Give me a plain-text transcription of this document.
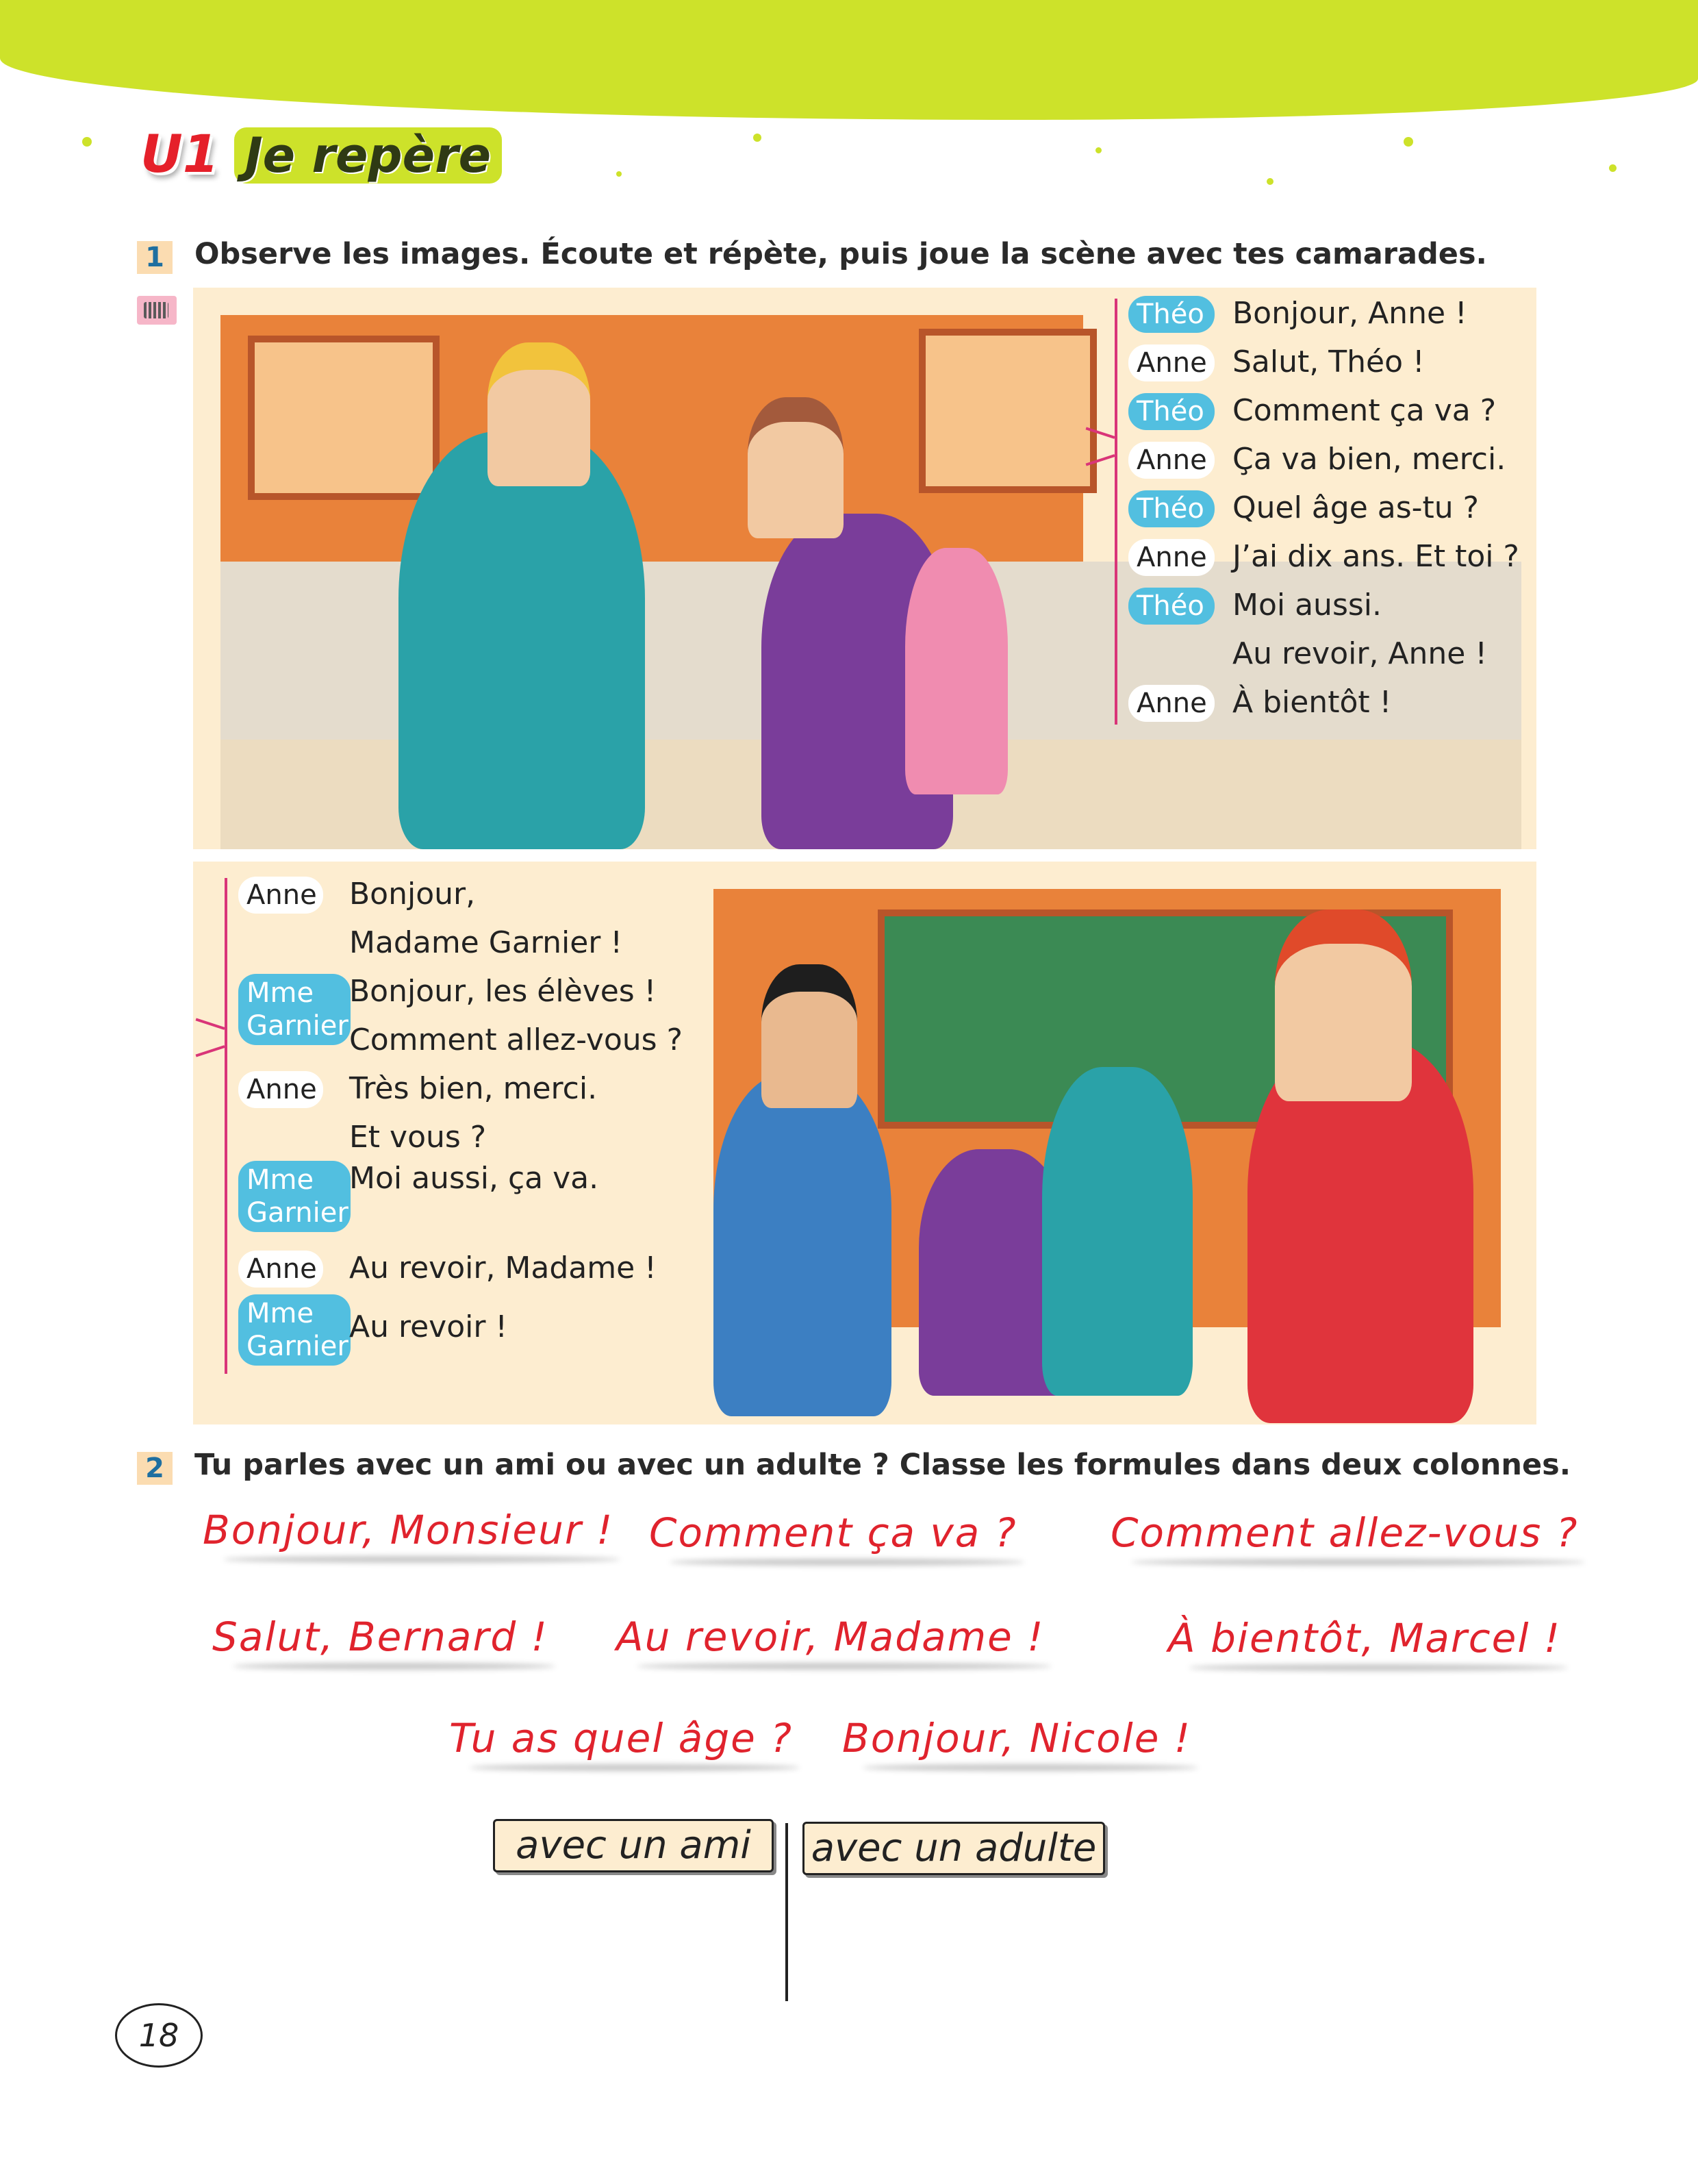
U1 Je repère
1 Observe les images. Écoute et répète, puis joue la scène avec tes camarades.
Théo Bonjour, Anne !
Anne Salut, Théo !
Théo Comment ça va ?
Anne Ça va bien, merci.
Théo Quel âge as-tu ?
Anne J’ai dix ans. Et toi ?
Théo Moi aussi.
Au revoir, Anne !
Anne À bientôt !
Anne Bonjour,
Madame Garnier !
Mme Garnier
Bonjour, les élèves !
Comment allez-vous ?
Anne Très bien, merci.
Et vous ?
Mme Garnier
Moi aussi, ça va.
Anne Au revoir, Madame !
Mme Garnier
Au revoir !
2 Tu parles avec un ami ou avec un adulte ? Classe les formules dans deux colonnes.
Bonjour, Monsieur ! Comment ça va ? Comment allez-vous ?
Salut, Bernard ! Au revoir, Madame !	À bientôt, Marcel !
Tu as quel âge ? Bonjour, Nicole !
avec un ami	avec un adulte
18
